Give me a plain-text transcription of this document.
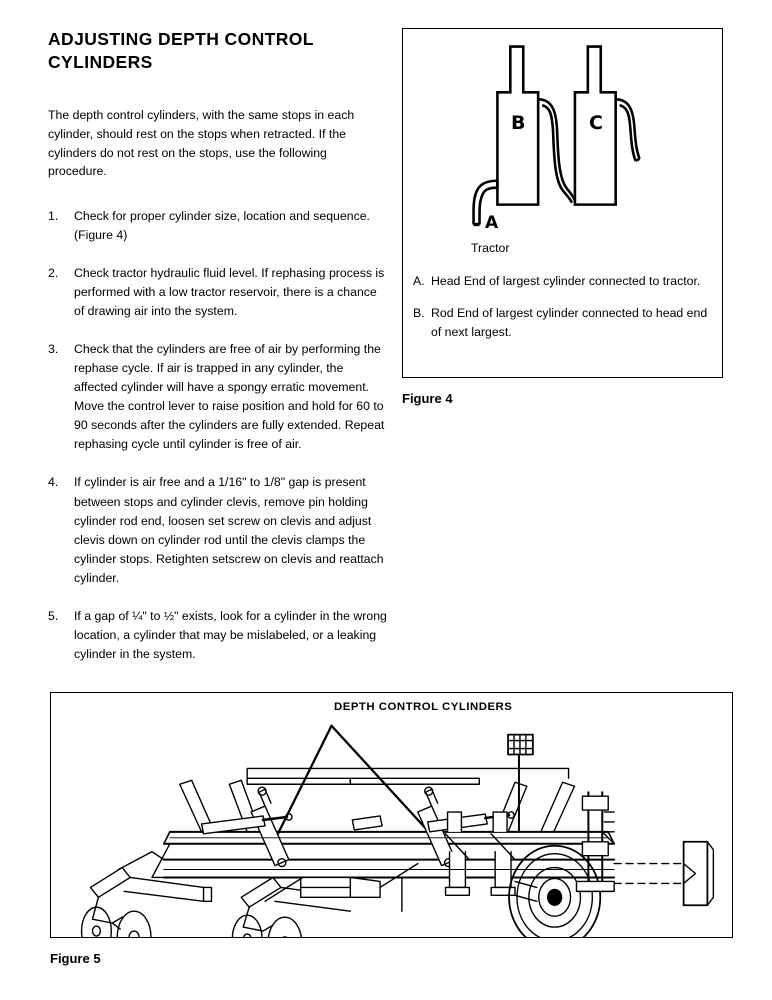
ADJUSTING DEPTH CONTROL CYLINDERS

The depth control cylinders, with the same stops in each cylinder, should rest on the stops when retracted. If the cylinders do not rest on the stops, use the following procedure.

1.	Check for proper cylinder size, location and sequence. (Figure 4)
2.	Check tractor hydraulic fluid level. If rephasing process is performed with a low tractor reservoir, there is a chance of drawing air into the system.
3.	Check that the cylinders are free of air by performing the rephase cycle. If air is trapped in any cylinder, the affected cylinder will have a spongy erratic movement. Move the control lever to raise position and hold for 60 to 90 seconds after the cylinders are fully extended. Repeat rephasing cycle until cylinder is free of air.
4.	If cylinder is air free and a 1/16" to 1/8" gap is present between stops and cylinder clevis, remove pin holding cylinder rod end, loosen set screw on clevis and adjust clevis down on cylinder rod until the clevis clamps the cylinder stops. Retighten setscrew on clevis and reattach cylinder.
5.	If a gap of ¼" to ½" exists, look for a cylinder in the wrong location, a cylinder that may be mislabeled, or a leaking cylinder in the system.
B	C
A
Tractor
A. Head End of largest cylinder connected to tractor.
B. Rod End of largest cylinder connected to head end of next largest.
Figure 4
DEPTH CONTROL CYLINDERS
Figure 5
